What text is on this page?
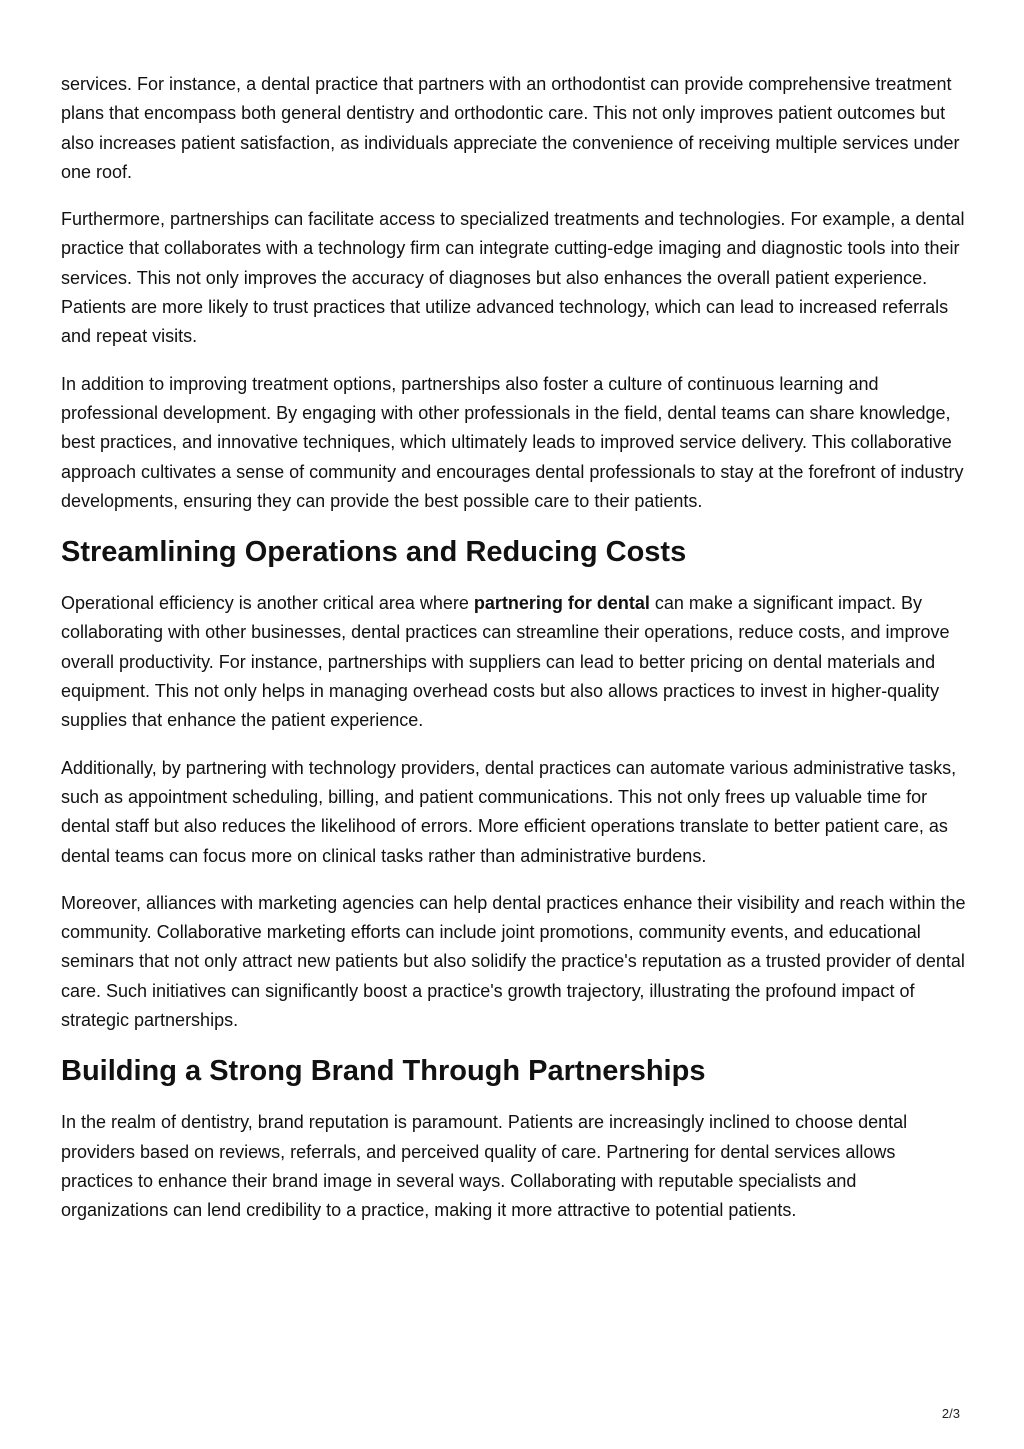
services. For instance, a dental practice that partners with an orthodontist can provide comprehensive treatment plans that encompass both general dentistry and orthodontic care. This not only improves patient outcomes but also increases patient satisfaction, as individuals appreciate the convenience of receiving multiple services under one roof.

Furthermore, partnerships can facilitate access to specialized treatments and technologies. For example, a dental practice that collaborates with a technology firm can integrate cutting-edge imaging and diagnostic tools into their services. This not only improves the accuracy of diagnoses but also enhances the overall patient experience. Patients are more likely to trust practices that utilize advanced technology, which can lead to increased referrals and repeat visits.

In addition to improving treatment options, partnerships also foster a culture of continuous learning and professional development. By engaging with other professionals in the field, dental teams can share knowledge, best practices, and innovative techniques, which ultimately leads to improved service delivery. This collaborative approach cultivates a sense of community and encourages dental professionals to stay at the forefront of industry developments, ensuring they can provide the best possible care to their patients.

Streamlining Operations and Reducing Costs

Operational efficiency is another critical area where partnering for dental can make a significant impact. By collaborating with other businesses, dental practices can streamline their operations, reduce costs, and improve overall productivity. For instance, partnerships with suppliers can lead to better pricing on dental materials and equipment. This not only helps in managing overhead costs but also allows practices to invest in higher-quality supplies that enhance the patient experience.

Additionally, by partnering with technology providers, dental practices can automate various administrative tasks, such as appointment scheduling, billing, and patient communications. This not only frees up valuable time for dental staff but also reduces the likelihood of errors. More efficient operations translate to better patient care, as dental teams can focus more on clinical tasks rather than administrative burdens.

Moreover, alliances with marketing agencies can help dental practices enhance their visibility and reach within the community. Collaborative marketing efforts can include joint promotions, community events, and educational seminars that not only attract new patients but also solidify the practice's reputation as a trusted provider of dental care. Such initiatives can significantly boost a practice's growth trajectory, illustrating the profound impact of strategic partnerships.

Building a Strong Brand Through Partnerships

In the realm of dentistry, brand reputation is paramount. Patients are increasingly inclined to choose dental providers based on reviews, referrals, and perceived quality of care. Partnering for dental services allows practices to enhance their brand image in several ways. Collaborating with reputable specialists and organizations can lend credibility to a practice, making it more attractive to potential patients.

2/3
